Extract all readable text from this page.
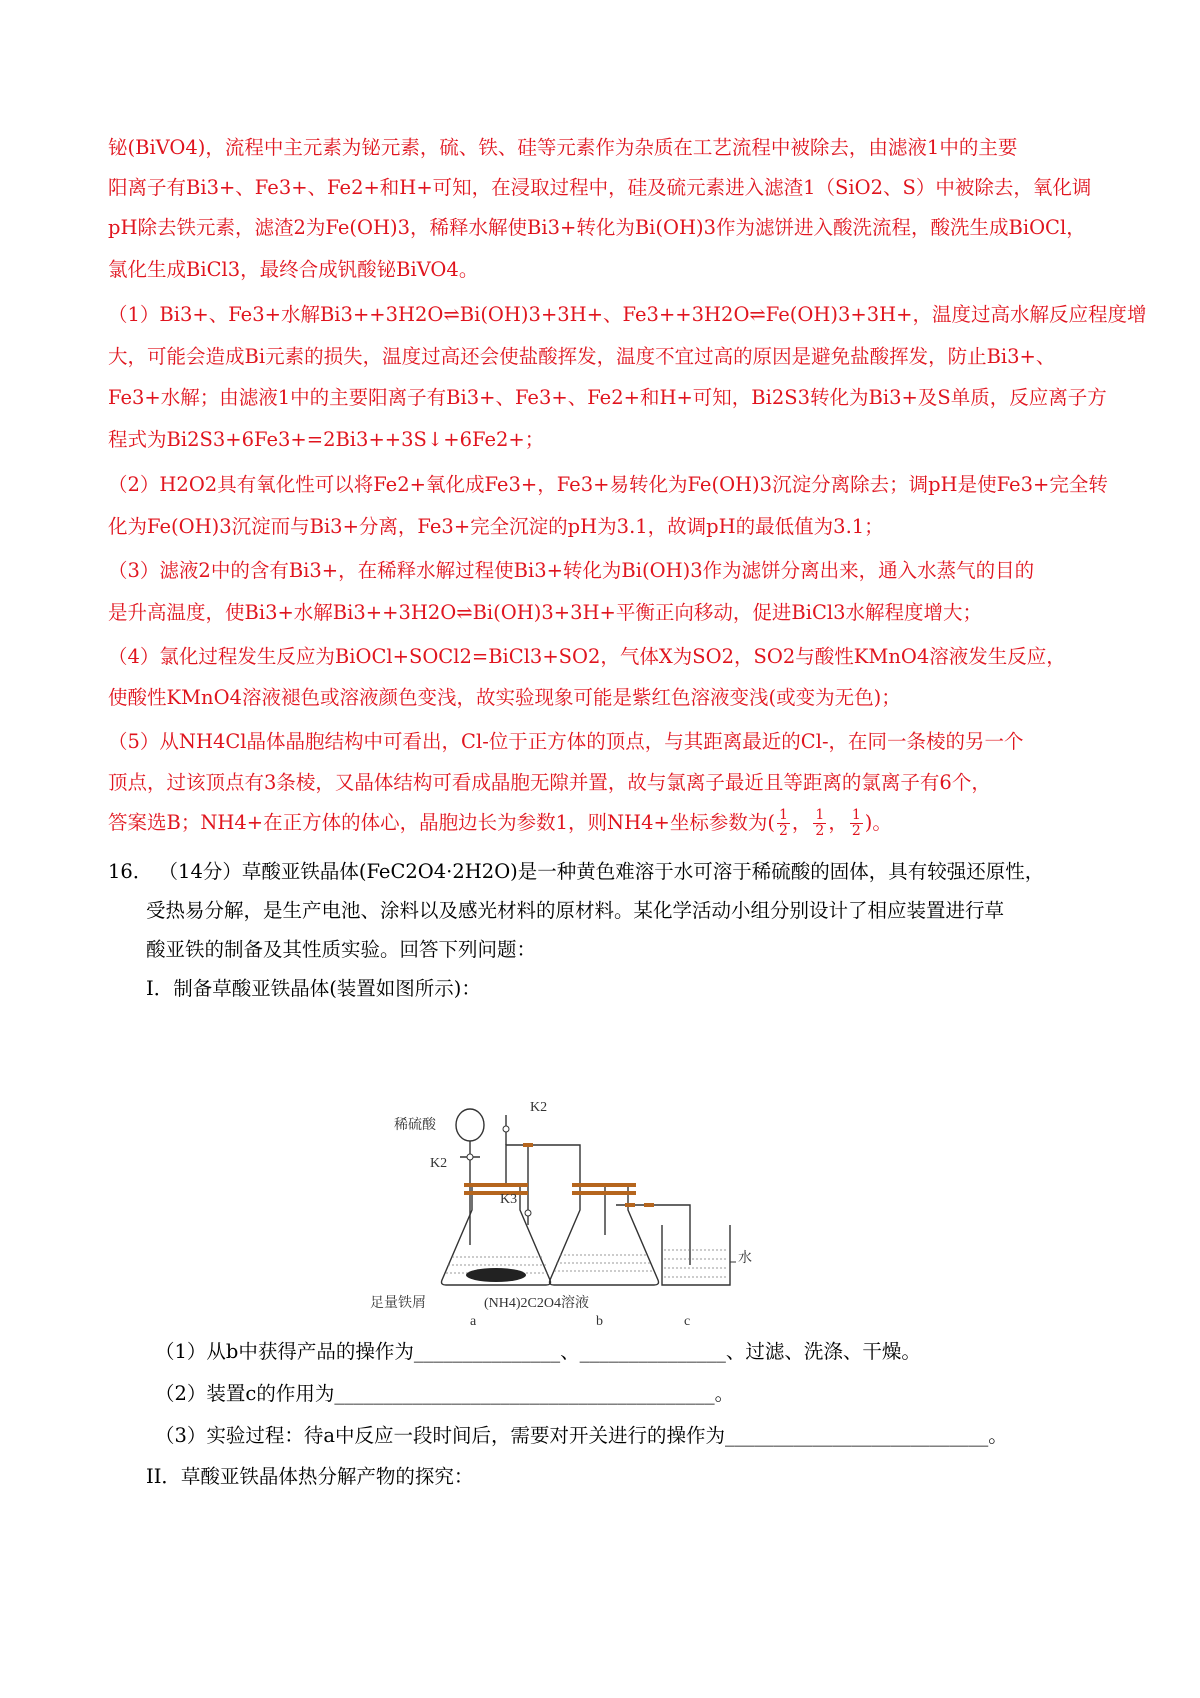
铋(BiVO4)，流程中主元素为铋元素，硫、铁、硅等元素作为杂质在工艺流程中被除去，由滤液1中的主要
阳离子有Bi3+、Fe3+、Fe2+和H+可知，在浸取过程中，硅及硫元素进入滤渣1（SiO2、S）中被除去，氧化调
pH除去铁元素，滤渣2为Fe(OH)3，稀释水解使Bi3+转化为Bi(OH)3作为滤饼进入酸洗流程，酸洗生成BiOCl，
氯化生成BiCl3，最终合成钒酸铋BiVO4。
（1）Bi3+、Fe3+水解Bi3++3H2O⇌Bi(OH)3+3H+、Fe3++3H2O⇌Fe(OH)3+3H+，温度过高水解反应程度增
大，可能会造成Bi元素的损失，温度过高还会使盐酸挥发，温度不宜过高的原因是避免盐酸挥发，防止Bi3+、
Fe3+水解；由滤液1中的主要阳离子有Bi3+、Fe3+、Fe2+和H+可知，Bi2S3转化为Bi3+及S单质，反应离子方
程式为Bi2S3+6Fe3+=2Bi3++3S↓+6Fe2+；
（2）H2O2具有氧化性可以将Fe2+氧化成Fe3+，Fe3+易转化为Fe(OH)3沉淀分离除去；调pH是使Fe3+完全转
化为Fe(OH)3沉淀而与Bi3+分离，Fe3+完全沉淀的pH为3.1，故调pH的最低值为3.1；
（3）滤液2中的含有Bi3+，在稀释水解过程使Bi3+转化为Bi(OH)3作为滤饼分离出来，通入水蒸气的目的
是升高温度，使Bi3+水解Bi3++3H2O⇌Bi(OH)3+3H+平衡正向移动，促进BiCl3水解程度增大；
（4）氯化过程发生反应为BiOCl+SOCl2=BiCl3+SO2，气体X为SO2，SO2与酸性KMnO4溶液发生反应，
使酸性KMnO4溶液褪色或溶液颜色变浅，故实验现象可能是紫红色溶液变浅(或变为无色)；
（5）从NH4Cl晶体晶胞结构中可看出，Cl-位于正方体的顶点，与其距离最近的Cl-，在同一条棱的另一个
顶点，过该顶点有3条棱，又晶体结构可看成晶胞无隙并置，故与氯离子最近且等距离的氯离子有6个，
答案选B；NH4+在正方体的体心，晶胞边长为参数1，则NH4+坐标参数为( $\frac{1}{2}$ ， $\frac{1}{2}$ ， $\frac{1}{2}$ )。
16． （14分）草酸亚铁晶体(FeC2O4·2H2O)是一种黄色难溶于水可溶于稀硫酸的固体，具有较强还原性，
受热易分解，是生产电池、涂料以及感光材料的原材料。某化学活动小组分别设计了相应装置进行草
酸亚铁的制备及其性质实验。回答下列问题：
I．制备草酸亚铁晶体(装置如图所示)：
稀硫酸
K2
K2
K3
足量铁屑	(NH4)2C2O4溶液
水
a	b	c
（1）从b中获得产品的操作为_______________、_______________、过滤、洗涤、干燥。
（2）装置c的作用为_______________________________________。
（3）实验过程：待a中反应一段时间后，需要对开关进行的操作为___________________________。
II．草酸亚铁晶体热分解产物的探究：
